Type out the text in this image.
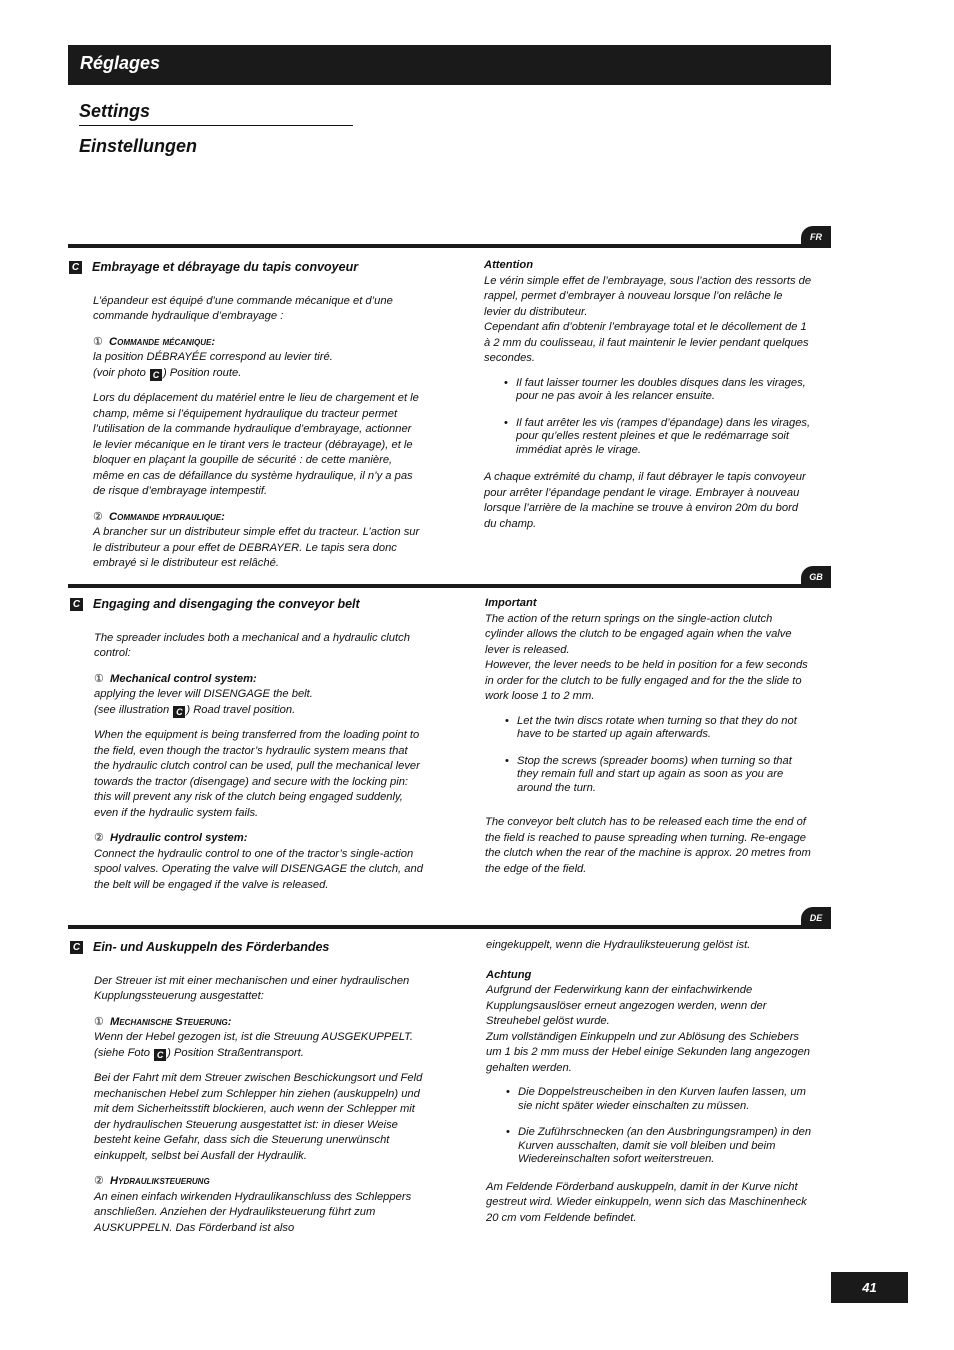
Réglages
Settings
Einstellungen
FR
C Embrayage et débrayage du tapis convoyeur

L’épandeur est équipé d’une commande mécanique et d’une commande hydraulique d’embrayage :

① Commande mécanique:
la position DÉBRAYÉE correspond au levier tiré.

(voir photo C ) Position route.

Lors du déplacement du matériel entre le lieu de chargement et le champ, même si l’équipement hydraulique du tracteur permet l’utilisation de la commande hydraulique d’embrayage, actionner le levier mécanique en le tirant vers le tracteur (débrayage), et le bloquer en plaçant la goupille de sécurité : de cette manière, même en cas de défaillance du système hydraulique, il n’y a pas de risque d’embrayage intempestif.

② Commande hydraulique:

A brancher sur un distributeur simple effet du tracteur. L’action sur le distributeur a pour effet de DEBRAYER. Le tapis sera donc embrayé si le distributeur est relâché.

Attention
Le vérin simple effet de l’embrayage, sous l’action des ressorts de rappel, permet d’embrayer à nouveau lorsque l’on relâche le levier du distributeur.

Cependant afin d’obtenir l’embrayage total et le décollement de 1 à 2 mm du coulisseau, il faut maintenir le levier pendant quelques secondes.

• Il faut laisser tourner les doubles disques dans les virages, pour ne pas avoir à les relancer ensuite.
• Il faut arrêter les vis (rampes d’épandage) dans les virages, pour qu’elles restent pleines et que le redémarrage soit immédiat après le virage.

A chaque extrémité du champ, il faut débrayer le tapis convoyeur pour arrêter l’épandage pendant le virage. Embrayer à nouveau lorsque l’arrière de la machine se trouve à environ 20m du bord du champ.

GB
C Engaging and disengaging the conveyor belt

The spreader includes both a mechanical and a hydraulic clutch control:

① Mechanical control system:
applying the lever will DISENGAGE the belt.

(see illustration C ) Road travel position.

When the equipment is being transferred from the loading point to the field, even though the tractor’s hydraulic system means that the hydraulic clutch control can be used, pull the mechanical lever towards the tractor (disengage) and secure with the locking pin: this will prevent any risk of the clutch being engaged suddenly, even if the hydraulic system fails.

② Hydraulic control system:

Connect the hydraulic control to one of the tractor’s single-action spool valves. Operating the valve will DISENGAGE the clutch, and the belt will be engaged if the valve is released.

Important
The action of the return springs on the single-action clutch cylinder allows the clutch to be engaged again when the valve lever is released.

However, the lever needs to be held in position for a few seconds in order for the clutch to be fully engaged and for the the slide to work loose 1 to 2 mm.

• Let the twin discs rotate when turning so that they do not have to be started up again afterwards.
• Stop the screws (spreader booms) when turning so that they remain full and start up again as soon as you are around the turn.

The conveyor belt clutch has to be released each time the end of the field is reached to pause spreading when turning. Re-engage the clutch when the rear of the machine is approx. 20 metres from the edge of the field.

DE
C Ein- und Auskuppeln des Förderbandes

Der Streuer ist mit einer mechanischen und einer hydraulischen Kupplungssteuerung ausgestattet:

① Mechanische Steuerung:
Wenn der Hebel gezogen ist, ist die Streuung AUSGEKUPPELT.

(siehe Foto C ) Position Straßentransport.

Bei der Fahrt mit dem Streuer zwischen Beschickungsort und Feld mechanischen Hebel zum Schlepper hin ziehen (auskuppeln) und mit dem Sicherheitsstift blockieren, auch wenn der Schlepper mit der hydraulischen Steuerung ausgestattet ist: in dieser Weise besteht keine Gefahr, dass sich die Steuerung unerwünscht einkuppelt, selbst bei Ausfall der Hydraulik.

② Hydrauliksteuerung

An einen einfach wirkenden Hydraulikanschluss des Schleppers anschließen. Anziehen der Hydrauliksteuerung führt zum AUSKUPPELN. Das Förderband ist also

eingekuppelt, wenn die Hydrauliksteuerung gelöst ist.

Achtung
Aufgrund der Federwirkung kann der einfachwirkende Kupplungsauslöser erneut angezogen werden, wenn der Streuhebel gelöst wurde.

Zum vollständigen Einkuppeln und zur Ablösung des Schiebers um 1 bis 2 mm muss der Hebel einige Sekunden lang angezogen gehalten werden.

• Die Doppelstreuscheiben in den Kurven laufen lassen, um sie nicht später wieder einschalten zu müssen.
• Die Zuführschnecken (an den Ausbringungsrampen) in den Kurven ausschalten, damit sie voll bleiben und beim Wiedereinschalten sofort weiterstreuen.

Am Feldende Förderband auskuppeln, damit in der Kurve nicht gestreut wird. Wieder einkuppeln, wenn sich das Maschinenheck 20 cm vom Feldende befindet.

41
